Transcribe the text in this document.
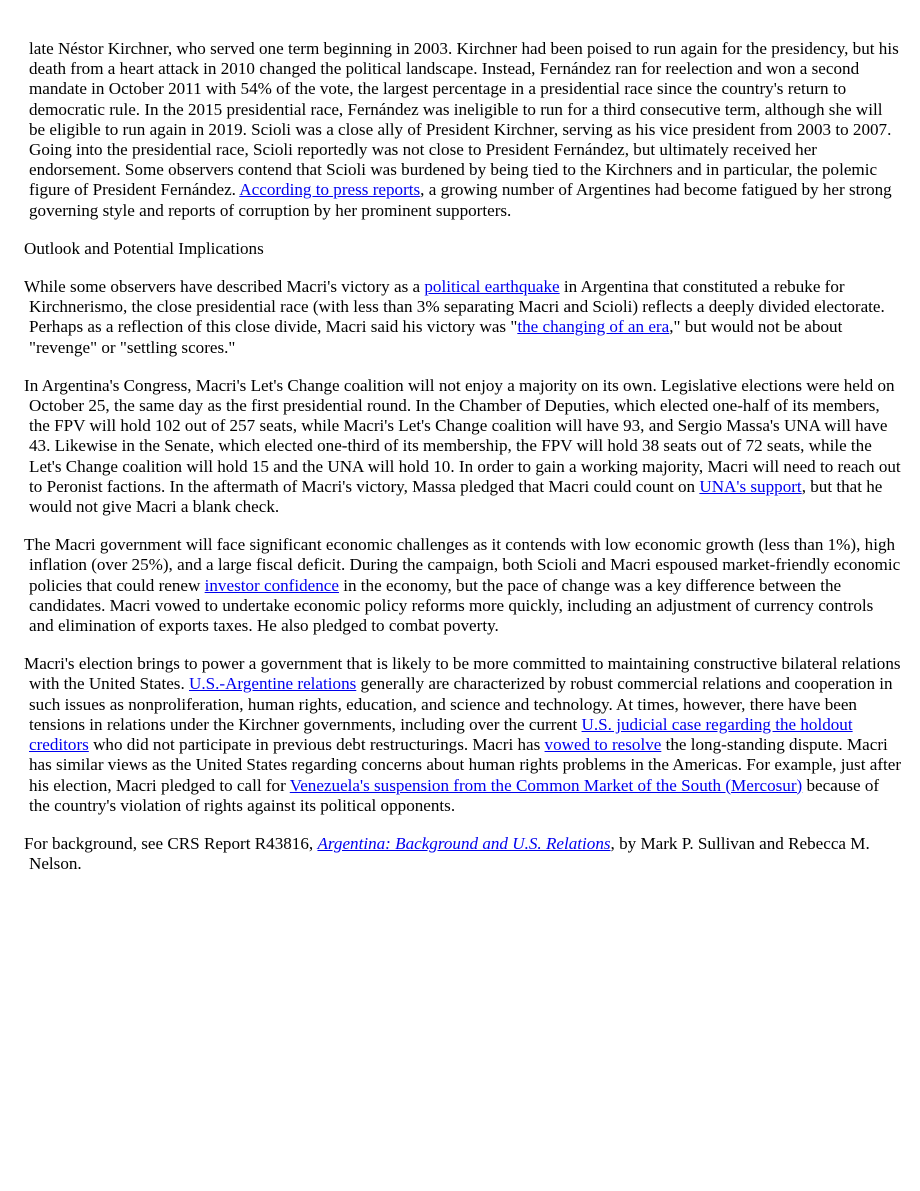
late Néstor Kirchner, who served one term beginning in 2003. Kirchner had been poised to run again for the presidency, but his death from a heart attack in 2010 changed the political landscape. Instead, Fernández ran for reelection and won a second mandate in October 2011 with 54% of the vote, the largest percentage in a presidential race since the country's return to democratic rule. In the 2015 presidential race, Fernández was ineligible to run for a third consecutive term, although she will be eligible to run again in 2019. Scioli was a close ally of President Kirchner, serving as his vice president from 2003 to 2007. Going into the presidential race, Scioli reportedly was not close to President Fernández, but ultimately received her endorsement. Some observers contend that Scioli was burdened by being tied to the Kirchners and in particular, the polemic figure of President Fernández. According to press reports, a growing number of Argentines had become fatigued by her strong governing style and reports of corruption by her prominent supporters.

Outlook and Potential Implications

While some observers have described Macri's victory as a political earthquake in Argentina that constituted a rebuke for Kirchnerismo, the close presidential race (with less than 3% separating Macri and Scioli) reflects a deeply divided electorate. Perhaps as a reflection of this close divide, Macri said his victory was "the changing of an era," but would not be about "revenge" or "settling scores."

In Argentina's Congress, Macri's Let's Change coalition will not enjoy a majority on its own. Legislative elections were held on October 25, the same day as the first presidential round. In the Chamber of Deputies, which elected one-half of its members, the FPV will hold 102 out of 257 seats, while Macri's Let's Change coalition will have 93, and Sergio Massa's UNA will have 43. Likewise in the Senate, which elected one-third of its membership, the FPV will hold 38 seats out of 72 seats, while the Let's Change coalition will hold 15 and the UNA will hold 10. In order to gain a working majority, Macri will need to reach out to Peronist factions. In the aftermath of Macri's victory, Massa pledged that Macri could count on UNA's support, but that he would not give Macri a blank check.

The Macri government will face significant economic challenges as it contends with low economic growth (less than 1%), high inflation (over 25%), and a large fiscal deficit. During the campaign, both Scioli and Macri espoused market-friendly economic policies that could renew investor confidence in the economy, but the pace of change was a key difference between the candidates. Macri vowed to undertake economic policy reforms more quickly, including an adjustment of currency controls and elimination of exports taxes. He also pledged to combat poverty.

Macri's election brings to power a government that is likely to be more committed to maintaining constructive bilateral relations with the United States. U.S.-Argentine relations generally are characterized by robust commercial relations and cooperation in such issues as nonproliferation, human rights, education, and science and technology. At times, however, there have been tensions in relations under the Kirchner governments, including over the current U.S. judicial case regarding the holdout creditors who did not participate in previous debt restructurings. Macri has vowed to resolve the long-standing dispute. Macri has similar views as the United States regarding concerns about human rights problems in the Americas. For example, just after his election, Macri pledged to call for Venezuela's suspension from the Common Market of the South (Mercosur) because of the country's violation of rights against its political opponents.

For background, see CRS Report R43816, Argentina: Background and U.S. Relations, by Mark P. Sullivan and Rebecca M. Nelson.
